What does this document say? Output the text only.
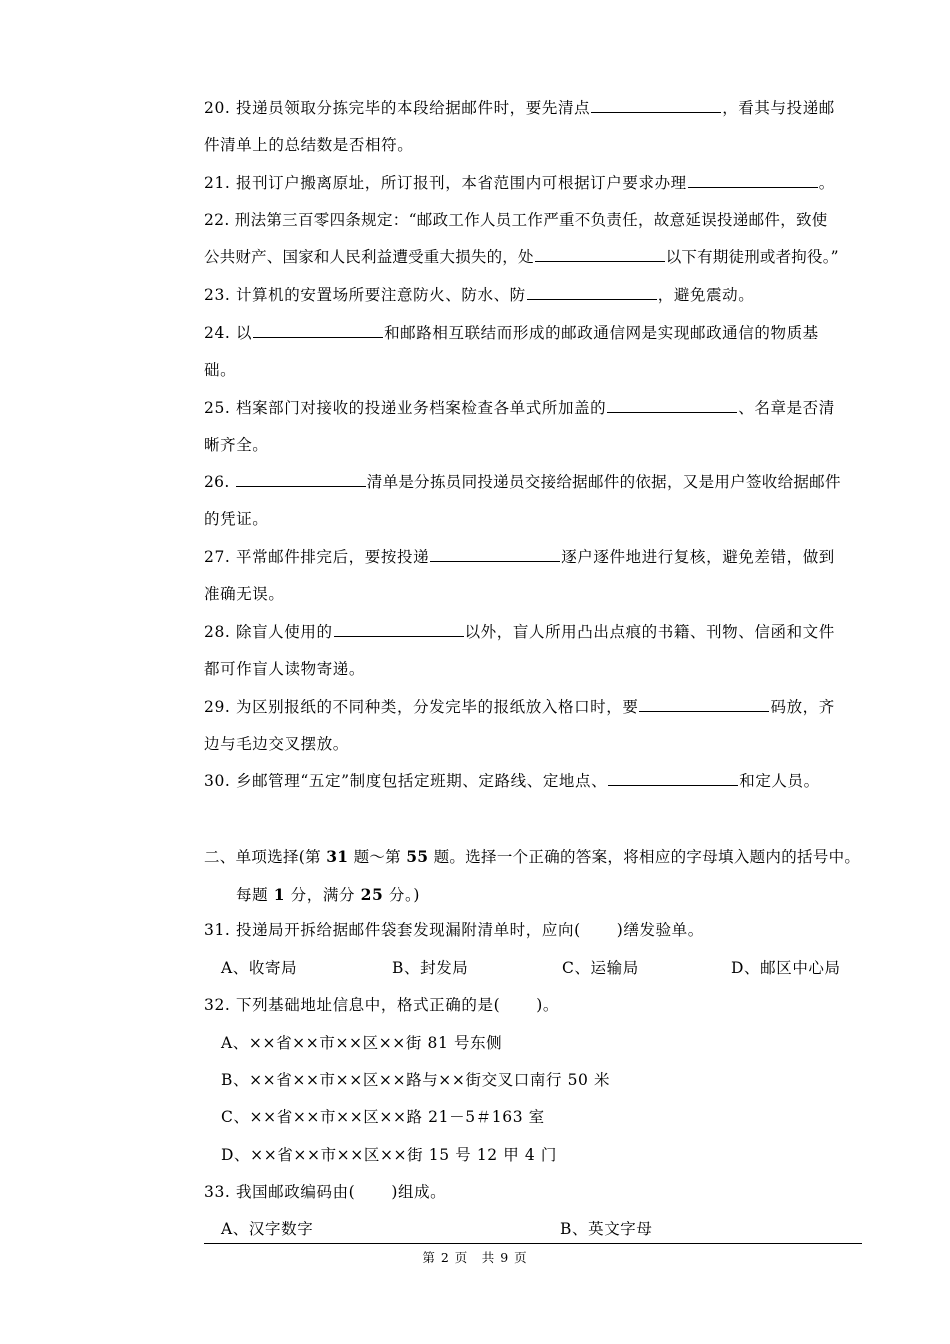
20. 投递员领取分拣完毕的本段给据邮件时，要先清点	，看其与投递邮
件清单上的总结数是否相符。
21. 报刊订户搬离原址，所订报刊，本省范围内可根据订户要求办理	。
22. 刑法第三百零四条规定：“邮政工作人员工作严重不负责任，故意延误投递邮件，致使
公共财产、国家和人民利益遭受重大损失的，处	以下有期徒刑或者拘役。”
23. 计算机的安置场所要注意防火、防水、防	，避免震动。
24. 以	和邮路相互联结而形成的邮政通信网是实现邮政通信的物质基
础。
25. 档案部门对接收的投递业务档案检查各单式所加盖的	、名章是否清
晰齐全。
26.	清单是分拣员同投递员交接给据邮件的依据，又是用户签收给据邮件
的凭证。
27. 平常邮件排完后，要按投递	逐户逐件地进行复核，避免差错，做到
准确无误。
28. 除盲人使用的	以外，盲人所用凸出点痕的书籍、刊物、信函和文件
都可作盲人读物寄递。
29. 为区别报纸的不同种类，分发完毕的报纸放入格口时，要	码放，齐
边与毛边交叉摆放。
30. 乡邮管理“五定”制度包括定班期、定路线、定地点、	和定人员。
二、单项选择(第 31 题～第 55 题。选择一个正确的答案，将相应的字母填入题内的括号中。
每题 1 分，满分 25 分。)
31. 投递局开拆给据邮件袋套发现漏附清单时，应向( )缮发验单。
A、收寄局	B、封发局	C、运输局	D、邮区中心局
32. 下列基础地址信息中，格式正确的是( )。
A、××省××市××区××街 81 号东侧
B、××省××市××区××路与××街交叉口南行 50 米
C、××省××市××区××路 21－5＃163 室
D、××省××市××区××街 15 号 12 甲 4 门
33. 我国邮政编码由( )组成。
A、汉字数字	B、英文字母
第 2 页　共 9 页
